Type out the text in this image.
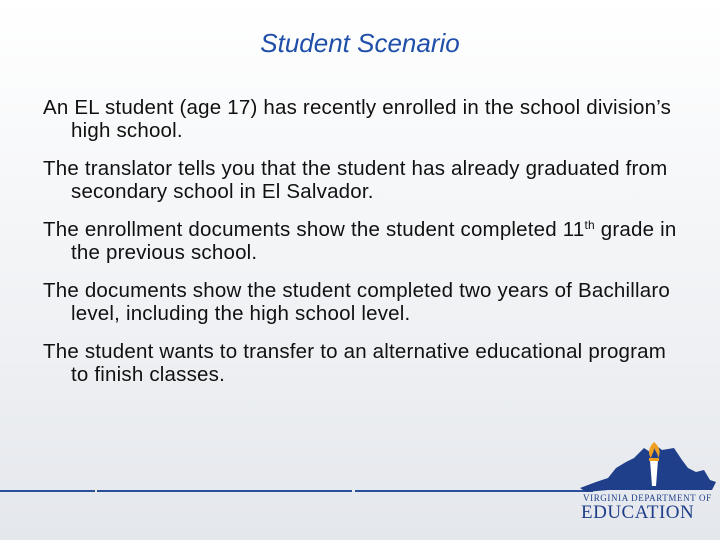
Student Scenario

An EL student (age 17) has recently enrolled in the school division’s high school.

The translator tells you that the student has already graduated from secondary school in El Salvador.

The enrollment documents show the student completed 11th grade in the previous school.

The documents show the student completed two years of Bachillaro level, including the high school level.

The student wants to transfer to an alternative educational program to finish classes.

VIRGINIA DEPARTMENT OF
EDUCATION
